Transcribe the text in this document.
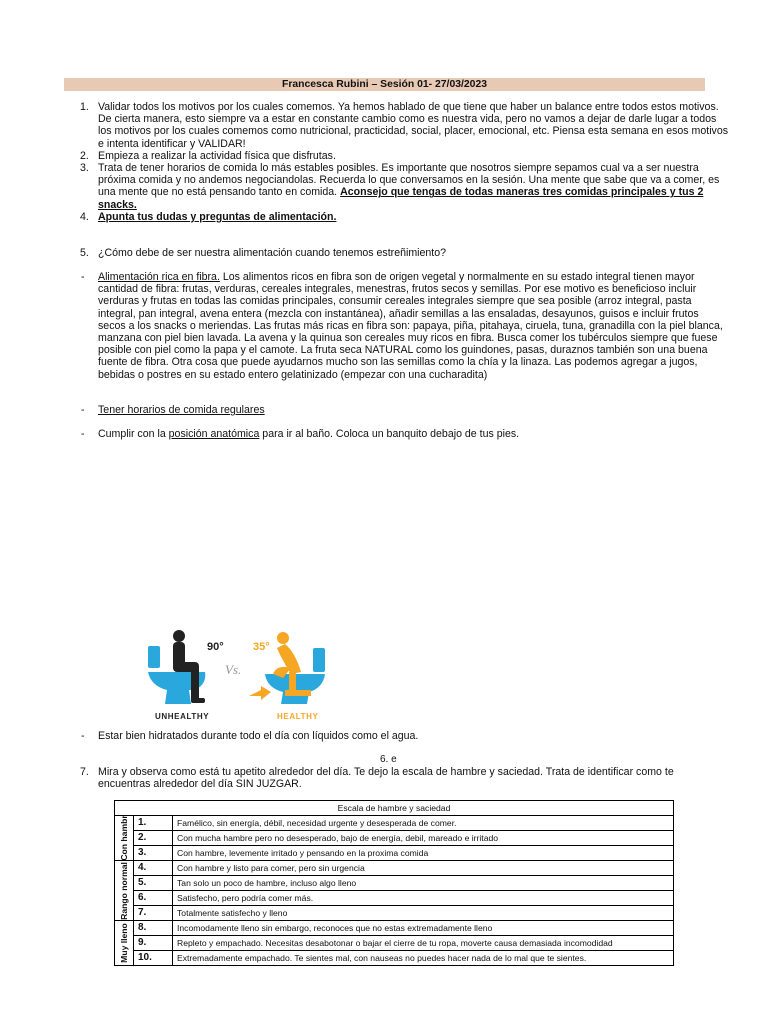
Francesca Rubini – Sesión 01- 27/03/2023
1. Validar todos los motivos por los cuales comemos. Ya hemos hablado de que tiene que haber un balance entre todos estos motivos. De cierta manera, esto siempre va a estar en constante cambio como es nuestra vida, pero no vamos a dejar de darle lugar a todos los motivos por los cuales comemos como nutricional, practicidad, social, placer, emocional, etc. Piensa esta semana en esos motivos e intenta identificar y VALIDAR!
2. Empieza a realizar la actividad física que disfrutas.
3. Trata de tener horarios de comida lo más estables posibles. Es importante que nosotros siempre sepamos cual va a ser nuestra próxima comida y no andemos negociandolas. Recuerda lo que conversamos en la sesión. Una mente que sabe que va a comer, es una mente que no está pensando tanto en comida. Aconsejo que tengas de todas maneras tres comidas principales y tus 2 snacks.
4. Apunta tus dudas y preguntas de alimentación.
5. ¿Cómo debe de ser nuestra alimentación cuando tenemos estreñimiento?
- Alimentación rica en fibra. Los alimentos ricos en fibra son de origen vegetal y normalmente en su estado integral tienen mayor cantidad de fibra: frutas, verduras, cereales integrales, menestras, frutos secos y semillas. Por ese motivo es beneficioso incluir verduras y frutas en todas las comidas principales, consumir cereales integrales siempre que sea posible (arroz integral, pasta integral, pan integral, avena entera (mezcla con instantánea), añadir semillas a las ensaladas, desayunos, guisos e incluir frutos secos a los snacks o meriendas. Las frutas más ricas en fibra son: papaya, piña, pitahaya, ciruela, tuna, granadilla con la piel blanca, manzana con piel bien lavada. La avena y la quinua son cereales muy ricos en fibra. Busca comer los tubérculos siempre que fuese posible con piel como la papa y el camote. La fruta seca NATURAL como los guindones, pasas, duraznos también son una buena fuente de fibra. Otra cosa que puede ayudarnos mucho son las semillas como la chía y la linaza. Las podemos agregar a jugos, bebidas o postres en su estado entero gelatinizado (empezar con una cucharadita)
- Tener horarios de comida regulares
- Cumplir con la posición anatómica para ir al baño. Coloca un banquito debajo de tus pies.
90°
Vs.
35°
UNHEALTHY	HEALTHY
- Estar bien hidratados durante todo el día con líquidos como el agua.
6. e
7. Mira y observa como está tu apetito alrededor del día. Te dejo la escala de hambre y saciedad. Trata de identificar como te encuentras alrededor del día SIN JUZGAR.
Escala de hambre y saciedad		

Con hambr	1.	Famélico, sin energía, débil, necesidad urgente y desesperada de comer.
	2.	Con mucha hambre pero no desesperado, bajo de energía, debil, mareado e irritado
	3.	Con hambre, levemente irritado y pensando en la proxima comida

Rango normal	4.	Con hambre y listo para comer, pero sin urgencia
	5.	Tan solo un poco de hambre, incluso algo lleno
	6.	Satisfecho, pero podría comer más.
	7.	Totalmente satisfecho y lleno

Muy lleno	8.	Incomodamente lleno sin embargo, reconoces que no estas extremadamente lleno
	9.	Repleto y empachado. Necesitas desabotonar o bajar el cierre de tu ropa, moverte causa demasiada incomodidad
	10.	Extremadamente empachado. Te sientes mal, con nauseas no puedes hacer nada de lo mal que te sientes.
